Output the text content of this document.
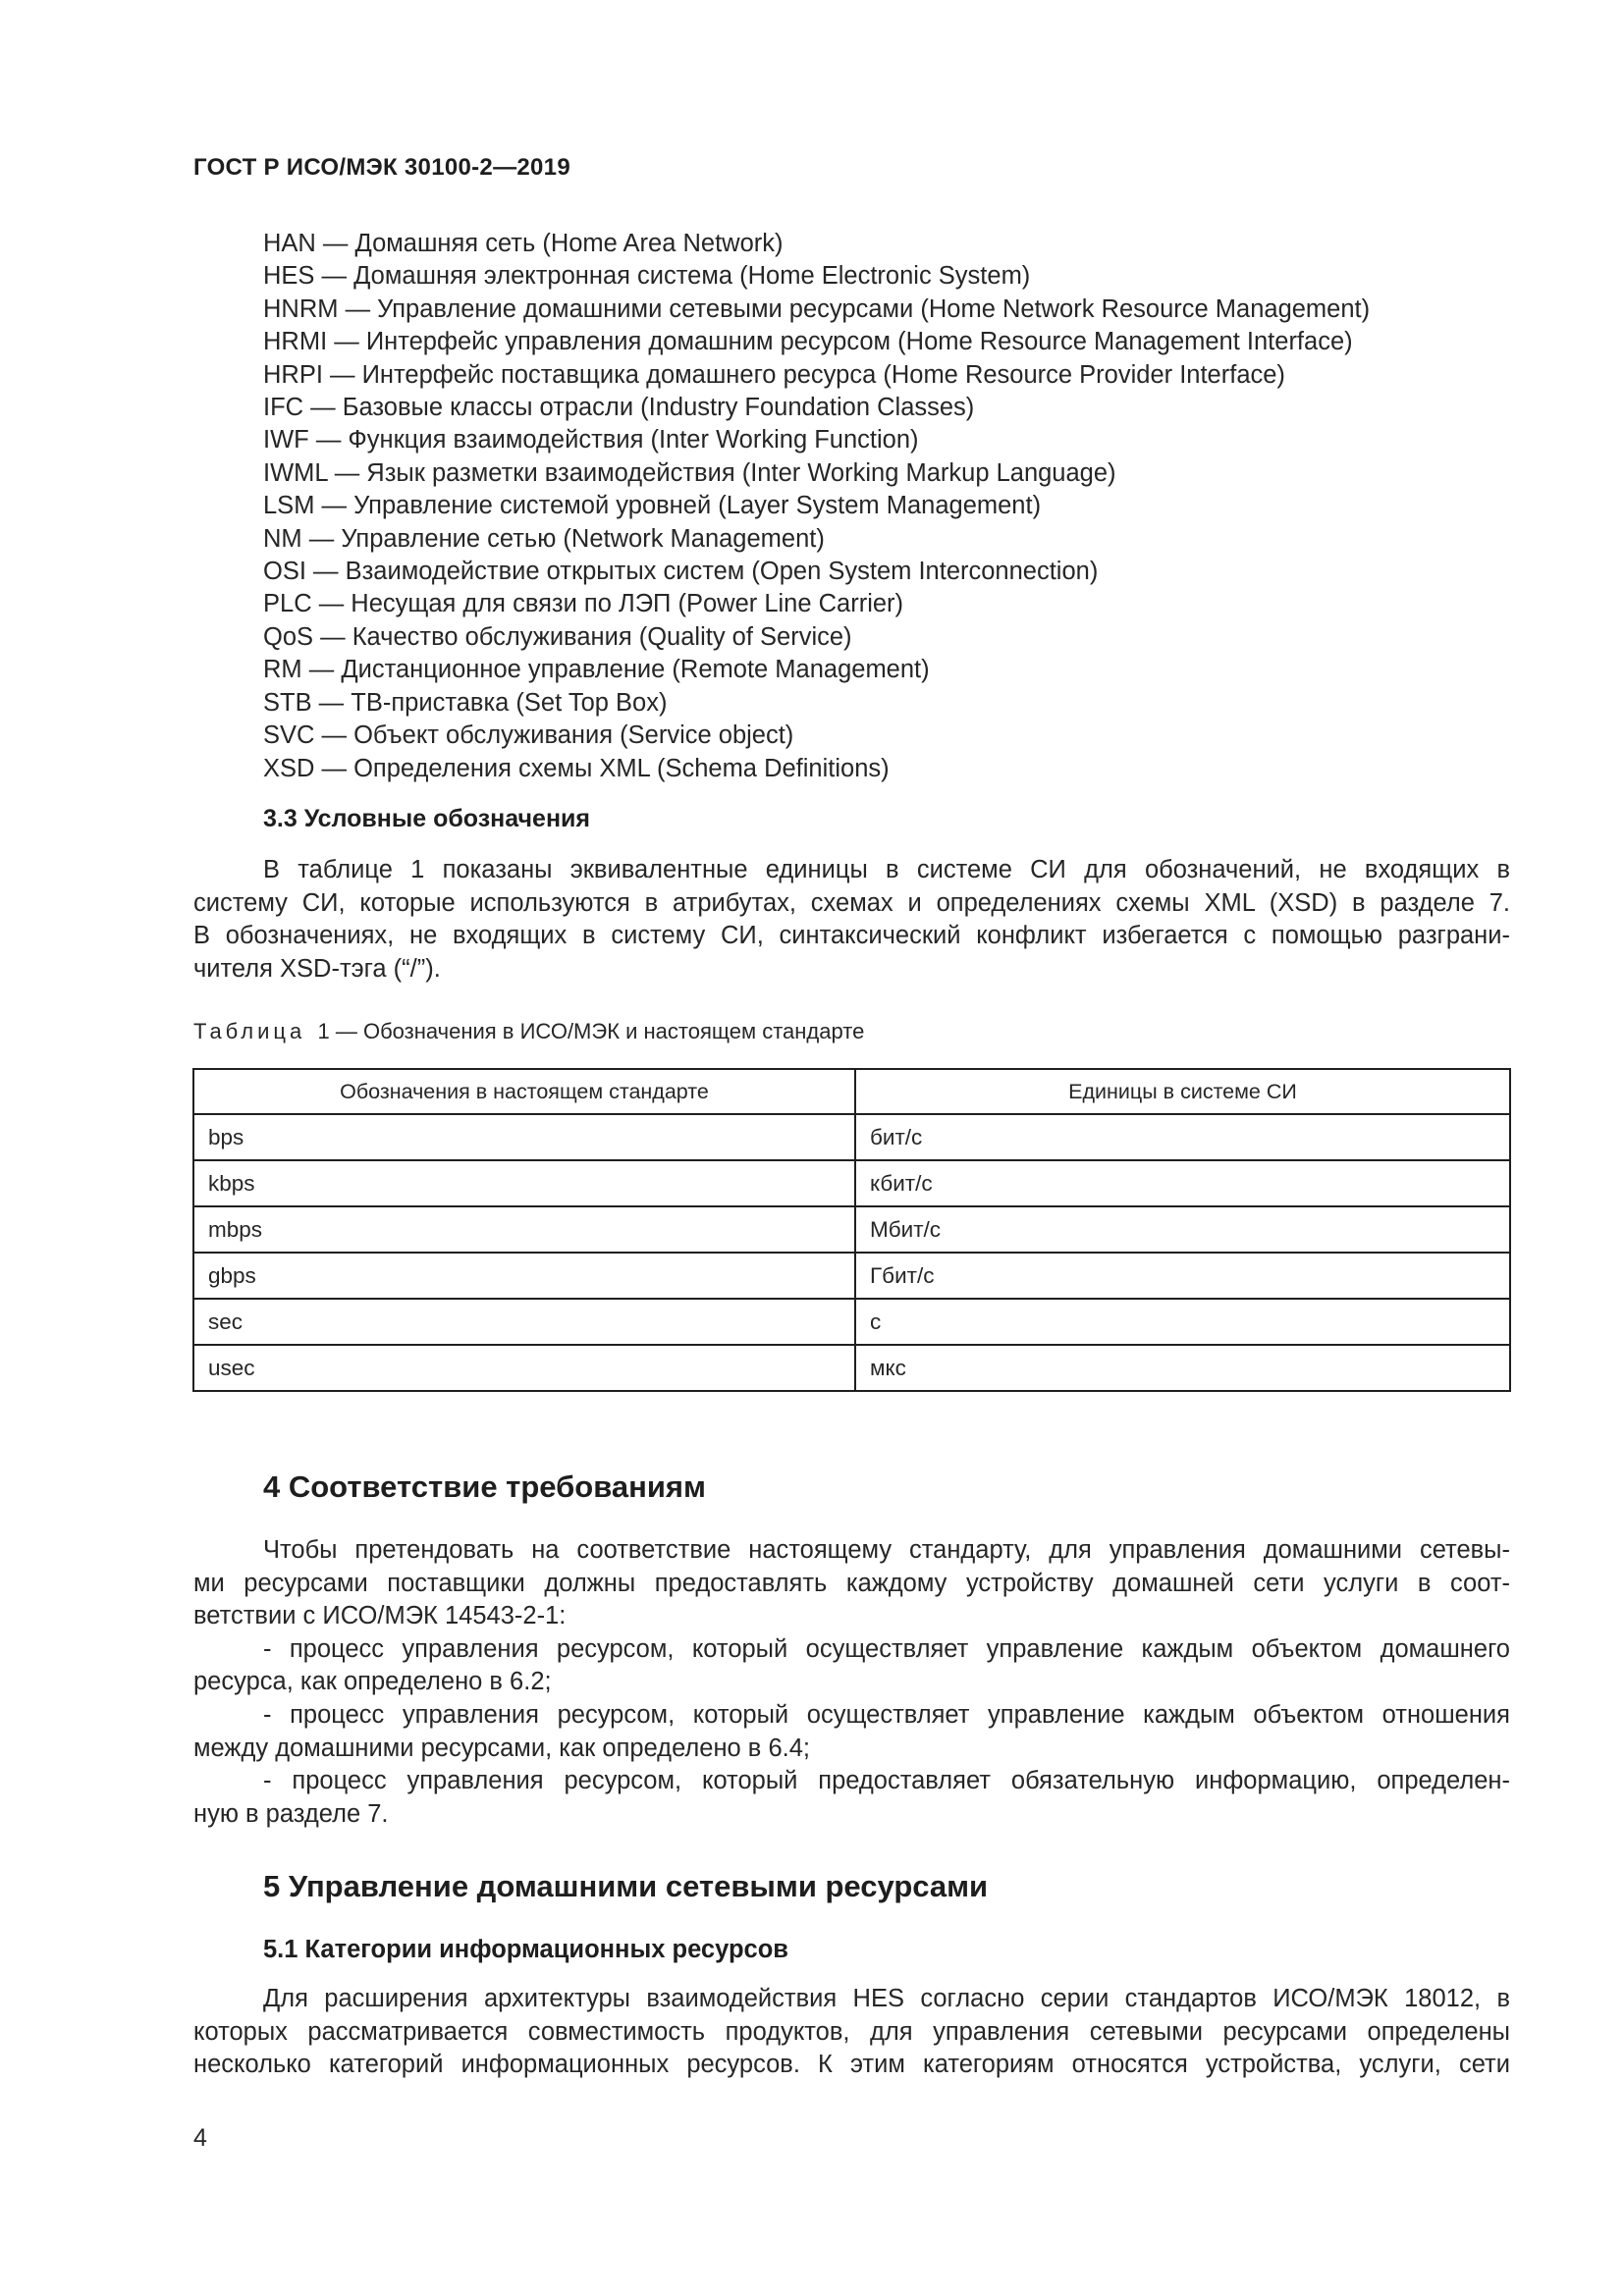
ГОСТ Р ИСО/МЭК 30100-2—2019
HAN — Домашняя сеть (Home Area Network)
HES — Домашняя электронная система (Home Electronic System)
HNRM — Управление домашними сетевыми ресурсами (Home Network Resource Management)
HRMI — Интерфейс управления домашним ресурсом (Home Resource Management Interface)
HRPI — Интерфейс поставщика домашнего ресурса (Home Resource Provider Interface)
IFC — Базовые классы отрасли (Industry Foundation Classes)
IWF — Функция взаимодействия (Inter Working Function)
IWML — Язык разметки взаимодействия (Inter Working Markup Language)
LSM — Управление системой уровней (Layer System Management)
NM — Управление сетью (Network Management)
OSI — Взаимодействие открытых систем (Open System Interconnection)
PLC — Несущая для связи по ЛЭП (Power Line Carrier)
QoS — Качество обслуживания (Quality of Service)
RM — Дистанционное управление (Remote Management)
STB — ТВ-приставка (Set Top Box)
SVC — Объект обслуживания (Service object)
XSD — Определения схемы XML (Schema Definitions)
3.3 Условные обозначения
В таблице 1 показаны эквивалентные единицы в системе СИ для обозначений, не входящих в
систему СИ, которые используются в атрибутах, схемах и определениях схемы XML (XSD) в разделе 7.
В обозначениях, не входящих в систему СИ, синтаксический конфликт избегается с помощью разграни-
чителя XSD-тэга (“/”).
Таблица 1 — Обозначения в ИСО/МЭК и настоящем стандарте
Обозначения в настоящем стандарте	Единицы в системе СИ
bps	бит/с
kbps	кбит/с
mbps	Мбит/с
gbps	Гбит/с
sec	с
usec	мкс
4 Соответствие требованиям
Чтобы претендовать на соответствие настоящему стандарту, для управления домашними сетевы-
ми ресурсами поставщики должны предоставлять каждому устройству домашней сети услуги в соот-
ветствии с ИСО/МЭК 14543-2-1:
- процесс управления ресурсом, который осуществляет управление каждым объектом домашнего
ресурса, как определено в 6.2;
- процесс управления ресурсом, который осуществляет управление каждым объектом отношения
между домашними ресурсами, как определено в 6.4;
- процесс управления ресурсом, который предоставляет обязательную информацию, определен-
ную в разделе 7.
5 Управление домашними сетевыми ресурсами
5.1 Категории информационных ресурсов
Для расширения архитектуры взаимодействия HES согласно серии стандартов ИСО/МЭК 18012, в
которых рассматривается совместимость продуктов, для управления сетевыми ресурсами определены
несколько категорий информационных ресурсов. К этим категориям относятся устройства, услуги, сети
4
